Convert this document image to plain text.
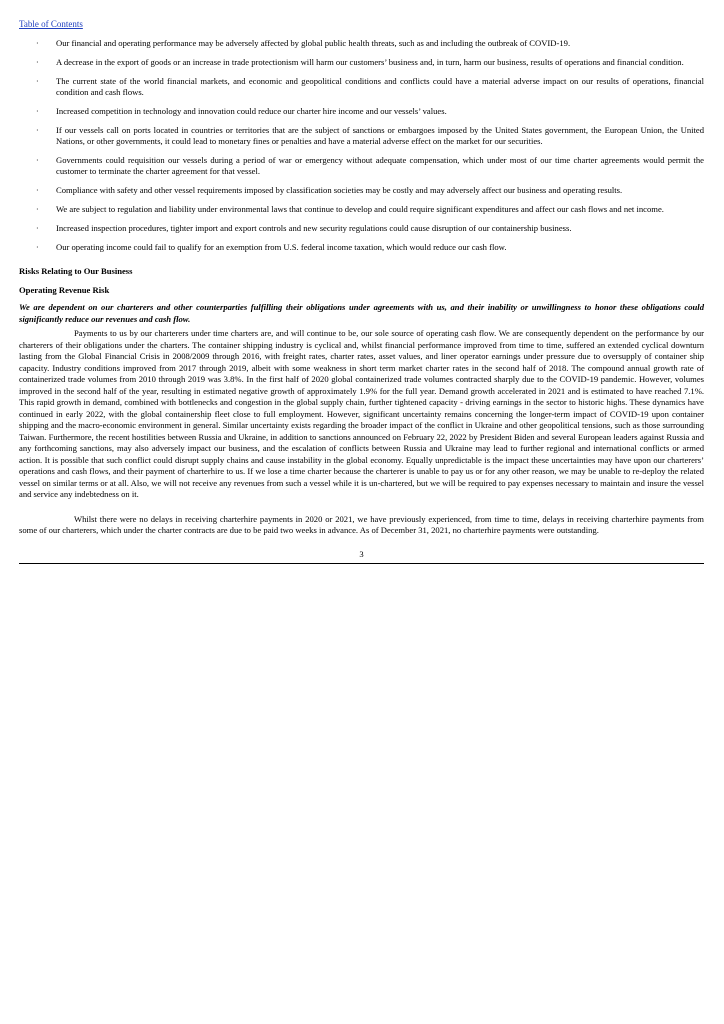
Table of Contents
· Our financial and operating performance may be adversely affected by global public health threats, such as and including the outbreak of COVID-19.
· A decrease in the export of goods or an increase in trade protectionism will harm our customers’ business and, in turn, harm our business, results of operations and financial condition.
· The current state of the world financial markets, and economic and geopolitical conditions and conflicts could have a material adverse impact on our results of operations, financial condition and cash flows.
· Increased competition in technology and innovation could reduce our charter hire income and our vessels’ values.
· If our vessels call on ports located in countries or territories that are the subject of sanctions or embargoes imposed by the United States government, the European Union, the United Nations, or other governments, it could lead to monetary fines or penalties and have a material adverse effect on the market for our securities.
· Governments could requisition our vessels during a period of war or emergency without adequate compensation, which under most of our time charter agreements would permit the customer to terminate the charter agreement for that vessel.
· Compliance with safety and other vessel requirements imposed by classification societies may be costly and may adversely affect our business and operating results.
· We are subject to regulation and liability under environmental laws that continue to develop and could require significant expenditures and affect our cash flows and net income.
· Increased inspection procedures, tighter import and export controls and new security regulations could cause disruption of our containership business.
· Our operating income could fail to qualify for an exemption from U.S. federal income taxation, which would reduce our cash flow.

Risks Relating to Our Business

Operating Revenue Risk

We are dependent on our charterers and other counterparties fulfilling their obligations under agreements with us, and their inability or unwillingness to honor these obligations could significantly reduce our revenues and cash flow.

Payments to us by our charterers under time charters are, and will continue to be, our sole source of operating cash flow. We are consequently dependent on the performance by our charterers of their obligations under the charters. The container shipping industry is cyclical and, whilst financial performance improved from time to time, suffered an extended cyclical downturn lasting from the Global Financial Crisis in 2008/2009 through 2016, with freight rates, charter rates, asset values, and liner operator earnings under pressure due to oversupply of container ship capacity. Industry conditions improved from 2017 through 2019, albeit with some weakness in short term market charter rates in the second half of 2018. The compound annual growth rate of containerized trade volumes from 2010 through 2019 was 3.8%. In the first half of 2020 global containerized trade volumes contracted sharply due to the COVID-19 pandemic. However, volumes improved in the second half of the year, resulting in estimated negative growth of approximately 1.9% for the full year. Demand growth accelerated in 2021 and is estimated to have reached 7.1%. This rapid growth in demand, combined with bottlenecks and congestion in the global supply chain, further tightened capacity - driving earnings in the sector to historic highs. These dynamics have continued in early 2022, with the global containership fleet close to full employment. However, significant uncertainty remains concerning the longer-term impact of COVID-19 upon container shipping and the macro-economic environment in general. Similar uncertainty exists regarding the broader impact of the conflict in Ukraine and other geopolitical tensions, such as those surrounding Taiwan. Furthermore, the recent hostilities between Russia and Ukraine, in addition to sanctions announced on February 22, 2022 by President Biden and several European leaders against Russia and any forthcoming sanctions, may also adversely impact our business, and the escalation of conflicts between Russia and Ukraine may lead to further regional and international conflicts or armed action. It is possible that such conflict could disrupt supply chains and cause instability in the global economy. Equally unpredictable is the impact these uncertainties may have upon our charterers’ operations and cash flows, and their payment of charterhire to us. If we lose a time charter because the charterer is unable to pay us or for any other reason, we may be unable to re-deploy the related vessel on similar terms or at all. Also, we will not receive any revenues from such a vessel while it is un-chartered, but we will be required to pay expenses necessary to maintain and insure the vessel and service any indebtedness on it.

Whilst there were no delays in receiving charterhire payments in 2020 or 2021, we have previously experienced, from time to time, delays in receiving charterhire payments from some of our charterers, which under the charter contracts are due to be paid two weeks in advance. As of December 31, 2021, no charterhire payments were outstanding.

3
